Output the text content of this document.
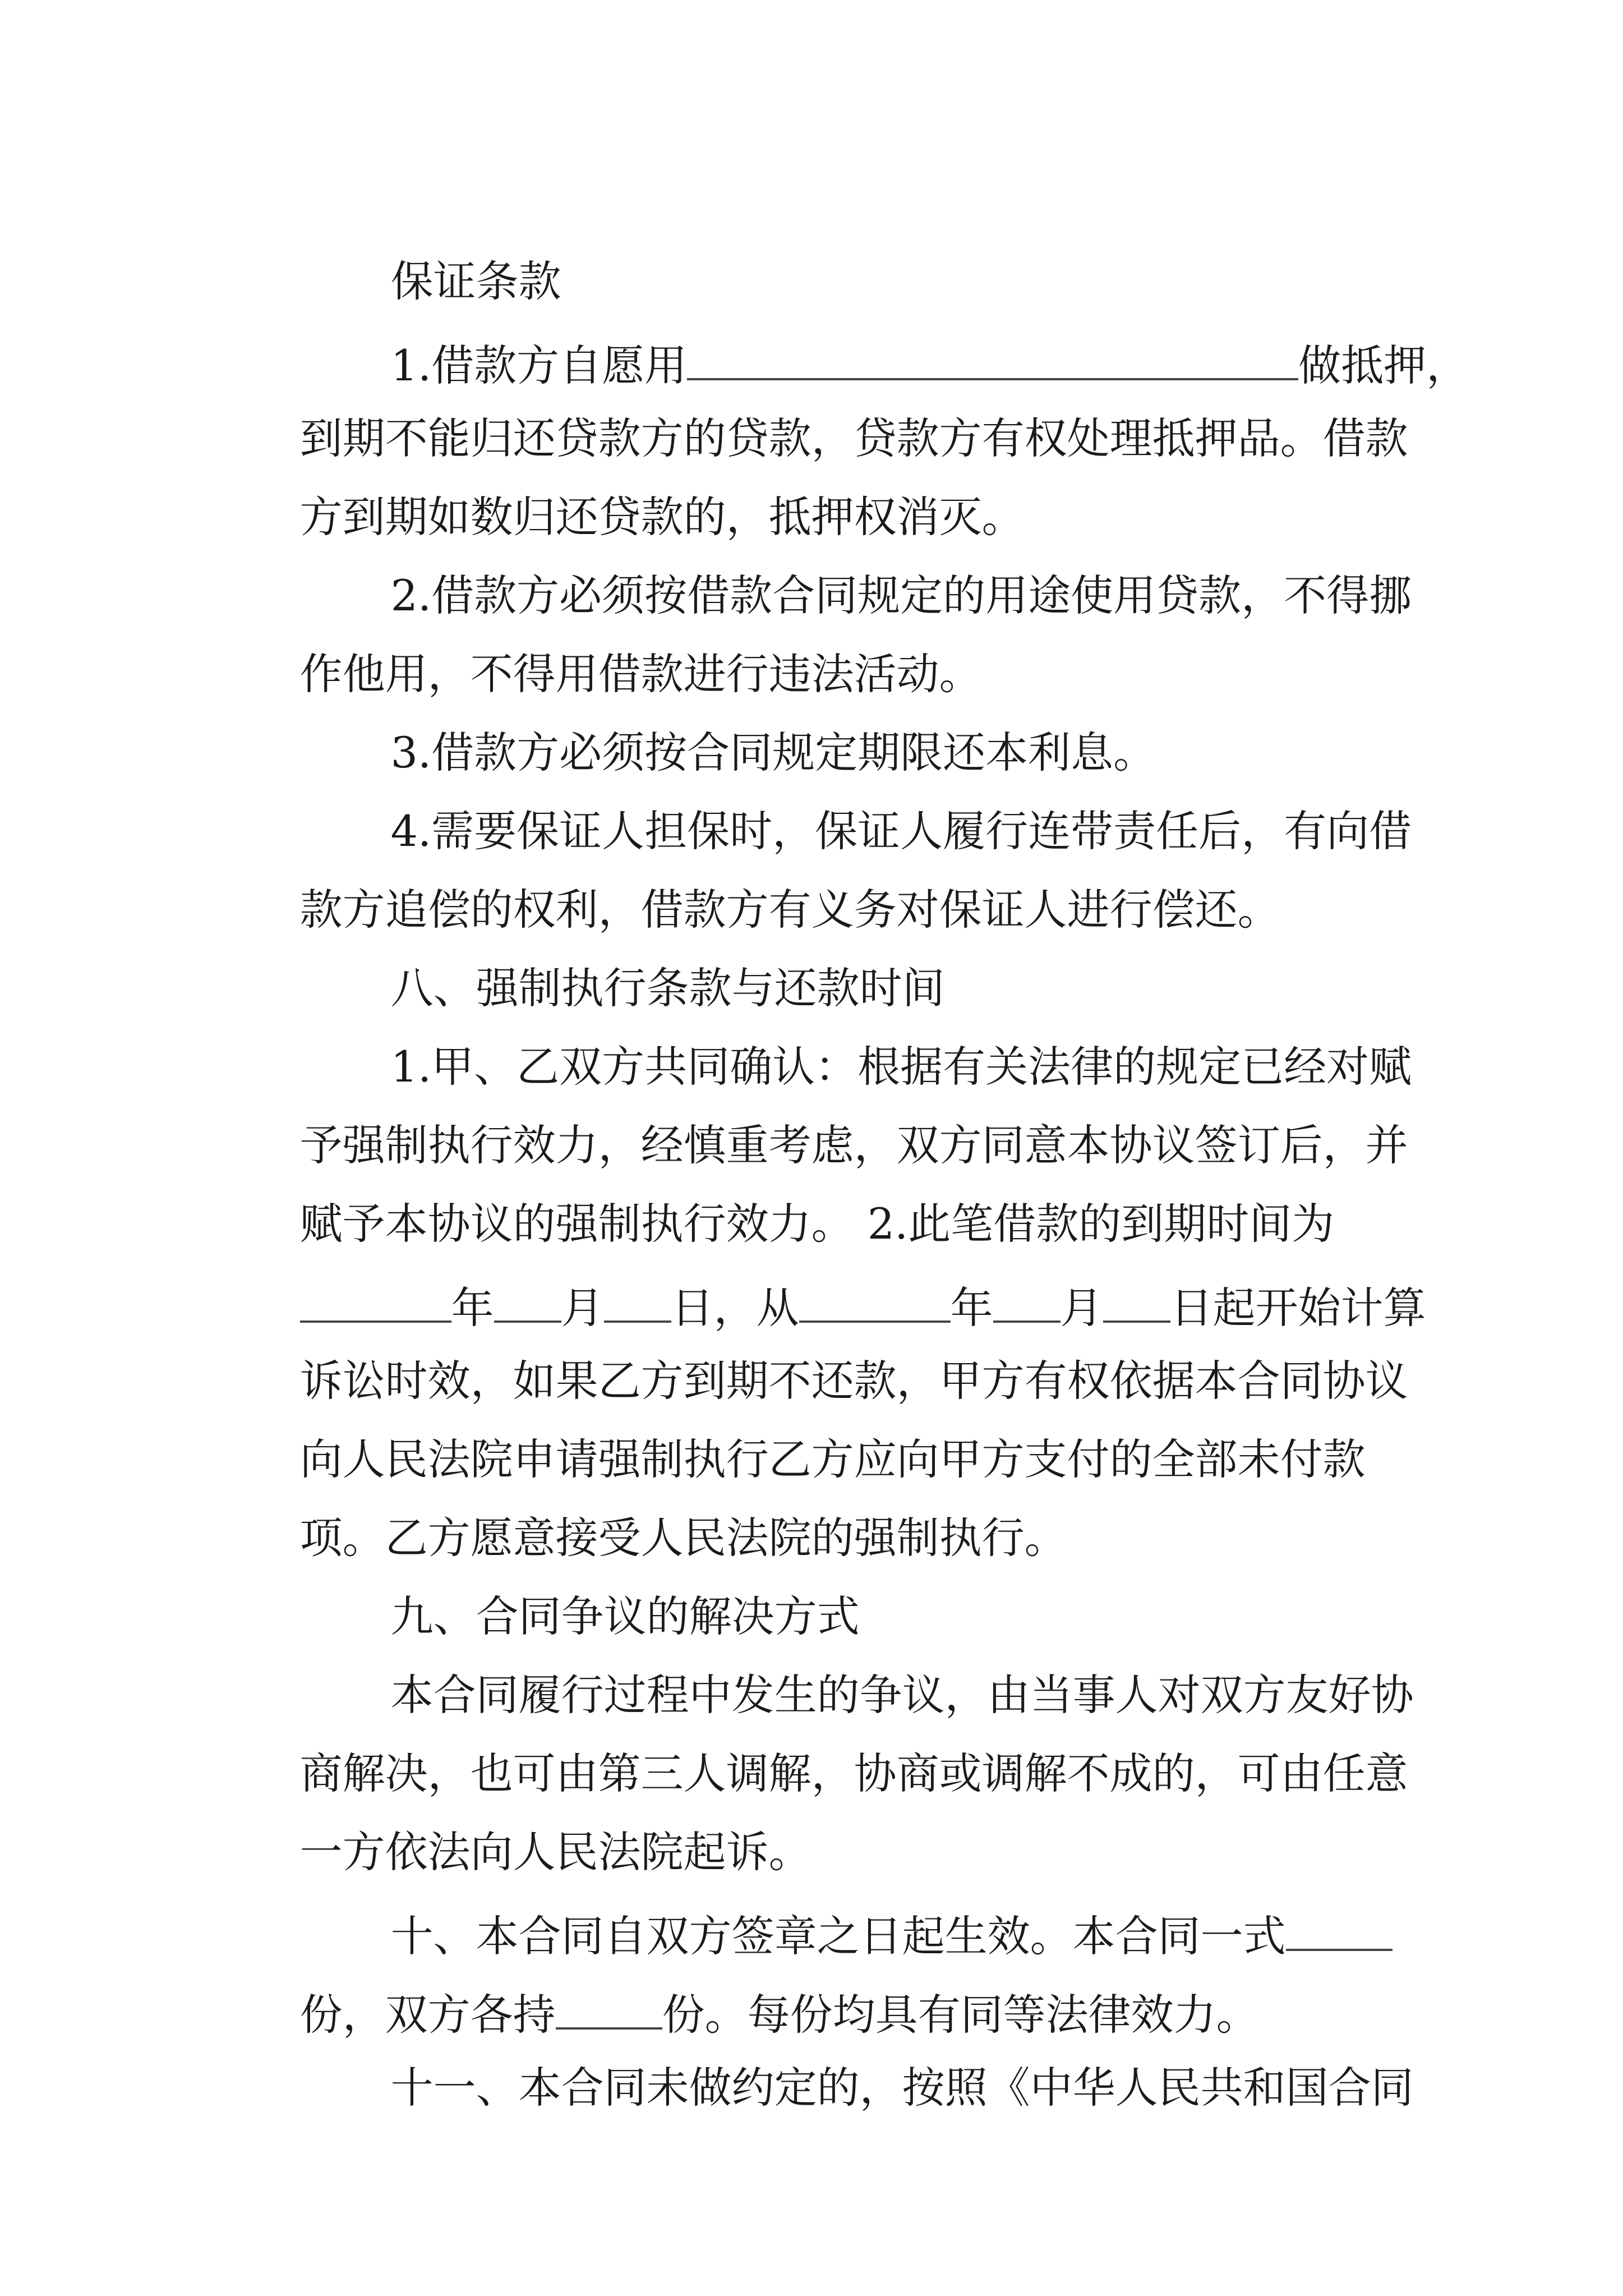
保证条款

1.借款方自愿用	做抵押，

到期不能归还贷款方的贷款，贷款方有权处理抵押品。借款

方到期如数归还贷款的，抵押权消灭。

2.借款方必须按借款合同规定的用途使用贷款，不得挪

作他用，不得用借款进行违法活动。

3.借款方必须按合同规定期限还本利息。

4.需要保证人担保时，保证人履行连带责任后，有向借

款方追偿的权利，借款方有义务对保证人进行偿还。

八、强制执行条款与还款时间

1.甲、乙双方共同确认：根据有关法律的规定已经对赋

予强制执行效力，经慎重考虑，双方同意本协议签订后，并

赋予本协议的强制执行效力。 2.此笔借款的到期时间为

年 月 日，从	年 月 日起开始计算

诉讼时效，如果乙方到期不还款，甲方有权依据本合同协议

向人民法院申请强制执行乙方应向甲方支付的全部未付款

项。乙方愿意接受人民法院的强制执行。

九、合同争议的解决方式

本合同履行过程中发生的争议，由当事人对双方友好协

商解决，也可由第三人调解，协商或调解不成的，可由任意

一方依法向人民法院起诉。

十、本合同自双方签章之日起生效。本合同一式

份，双方各持	份。每份均具有同等法律效力。

十一、本合同未做约定的，按照《中华人民共和国合同
